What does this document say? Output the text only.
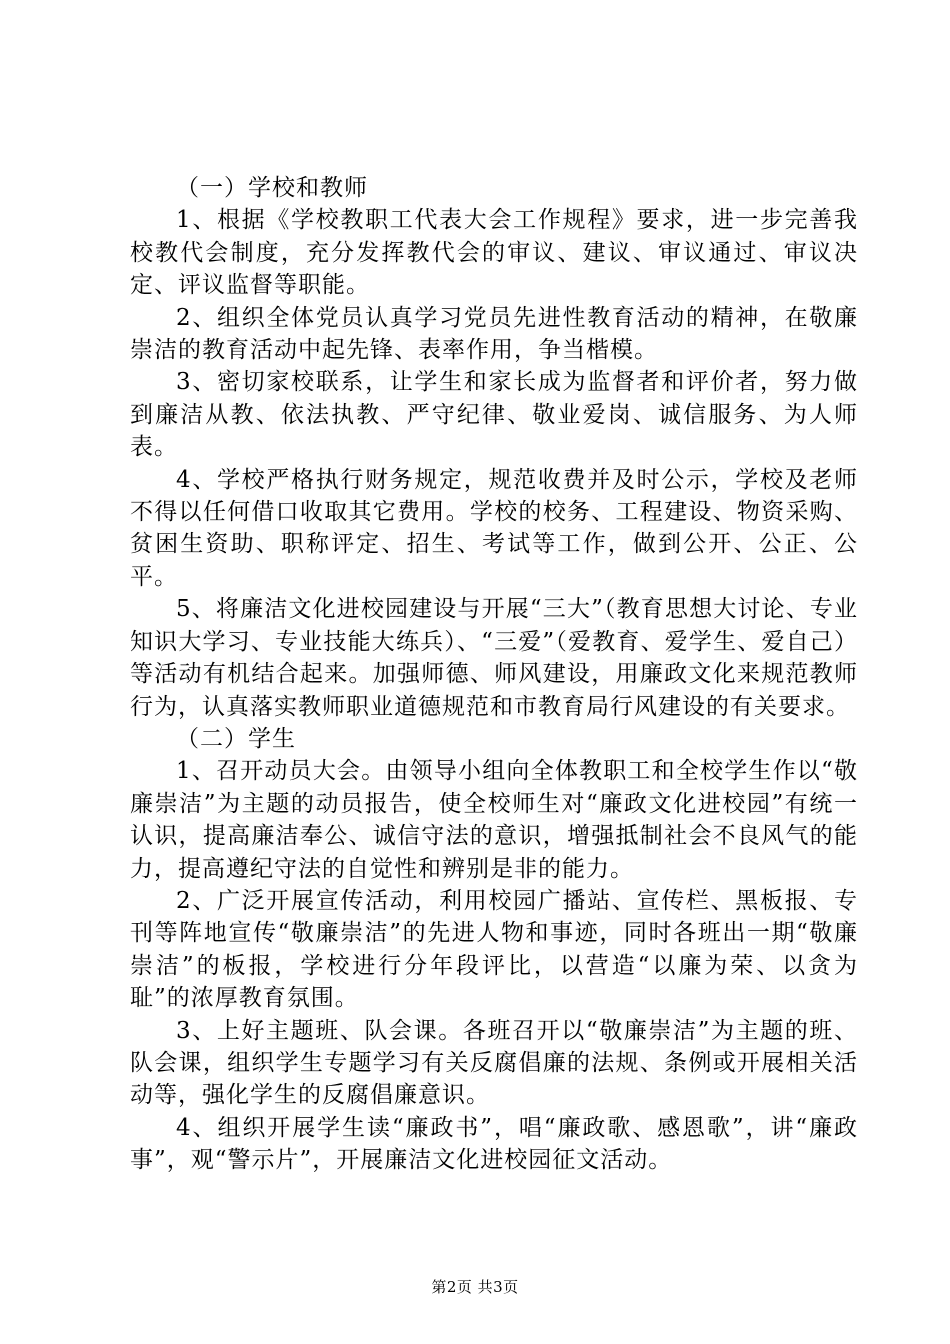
（一）学校和教师

1、根据《学校教职工代表大会工作规程》要求，进一步完善我校教代会制度，充分发挥教代会的审议、建议、审议通过、审议决定、评议监督等职能。

2、组织全体党员认真学习党员先进性教育活动的精神，在敬廉崇洁的教育活动中起先锋、表率作用，争当楷模。

3、密切家校联系，让学生和家长成为监督者和评价者，努力做到廉洁从教、依法执教、严守纪律、敬业爱岗、诚信服务、为人师表。

4、学校严格执行财务规定，规范收费并及时公示，学校及老师不得以任何借口收取其它费用。学校的校务、工程建设、物资采购、贫困生资助、职称评定、招生、考试等工作，做到公开、公正、公平。

5、将廉洁文化进校园建设与开展“三大”（教育思想大讨论、专业知识大学习、专业技能大练兵）、“三爱”（爱教育、爱学生、爱自己）等活动有机结合起来。加强师德、师风建设，用廉政文化来规范教师行为，认真落实教师职业道德规范和市教育局行风建设的有关要求。

（二）学生

1、召开动员大会。由领导小组向全体教职工和全校学生作以“敬廉崇洁”为主题的动员报告，使全校师生对“廉政文化进校园”有统一认识，提高廉洁奉公、诚信守法的意识，增强抵制社会不良风气的能力，提高遵纪守法的自觉性和辨别是非的能力。

2、广泛开展宣传活动，利用校园广播站、宣传栏、黑板报、专刊等阵地宣传“敬廉崇洁”的先进人物和事迹，同时各班出一期“敬廉崇洁”的板报，学校进行分年段评比，以营造“以廉为荣、以贪为耻”的浓厚教育氛围。

3、上好主题班、队会课。各班召开以“敬廉崇洁”为主题的班、队会课，组织学生专题学习有关反腐倡廉的法规、条例或开展相关活动等，强化学生的反腐倡廉意识。

4、组织开展学生读“廉政书”，唱“廉政歌、感恩歌”，讲“廉政事”，观“警示片”，开展廉洁文化进校园征文活动。

第2页 共3页
